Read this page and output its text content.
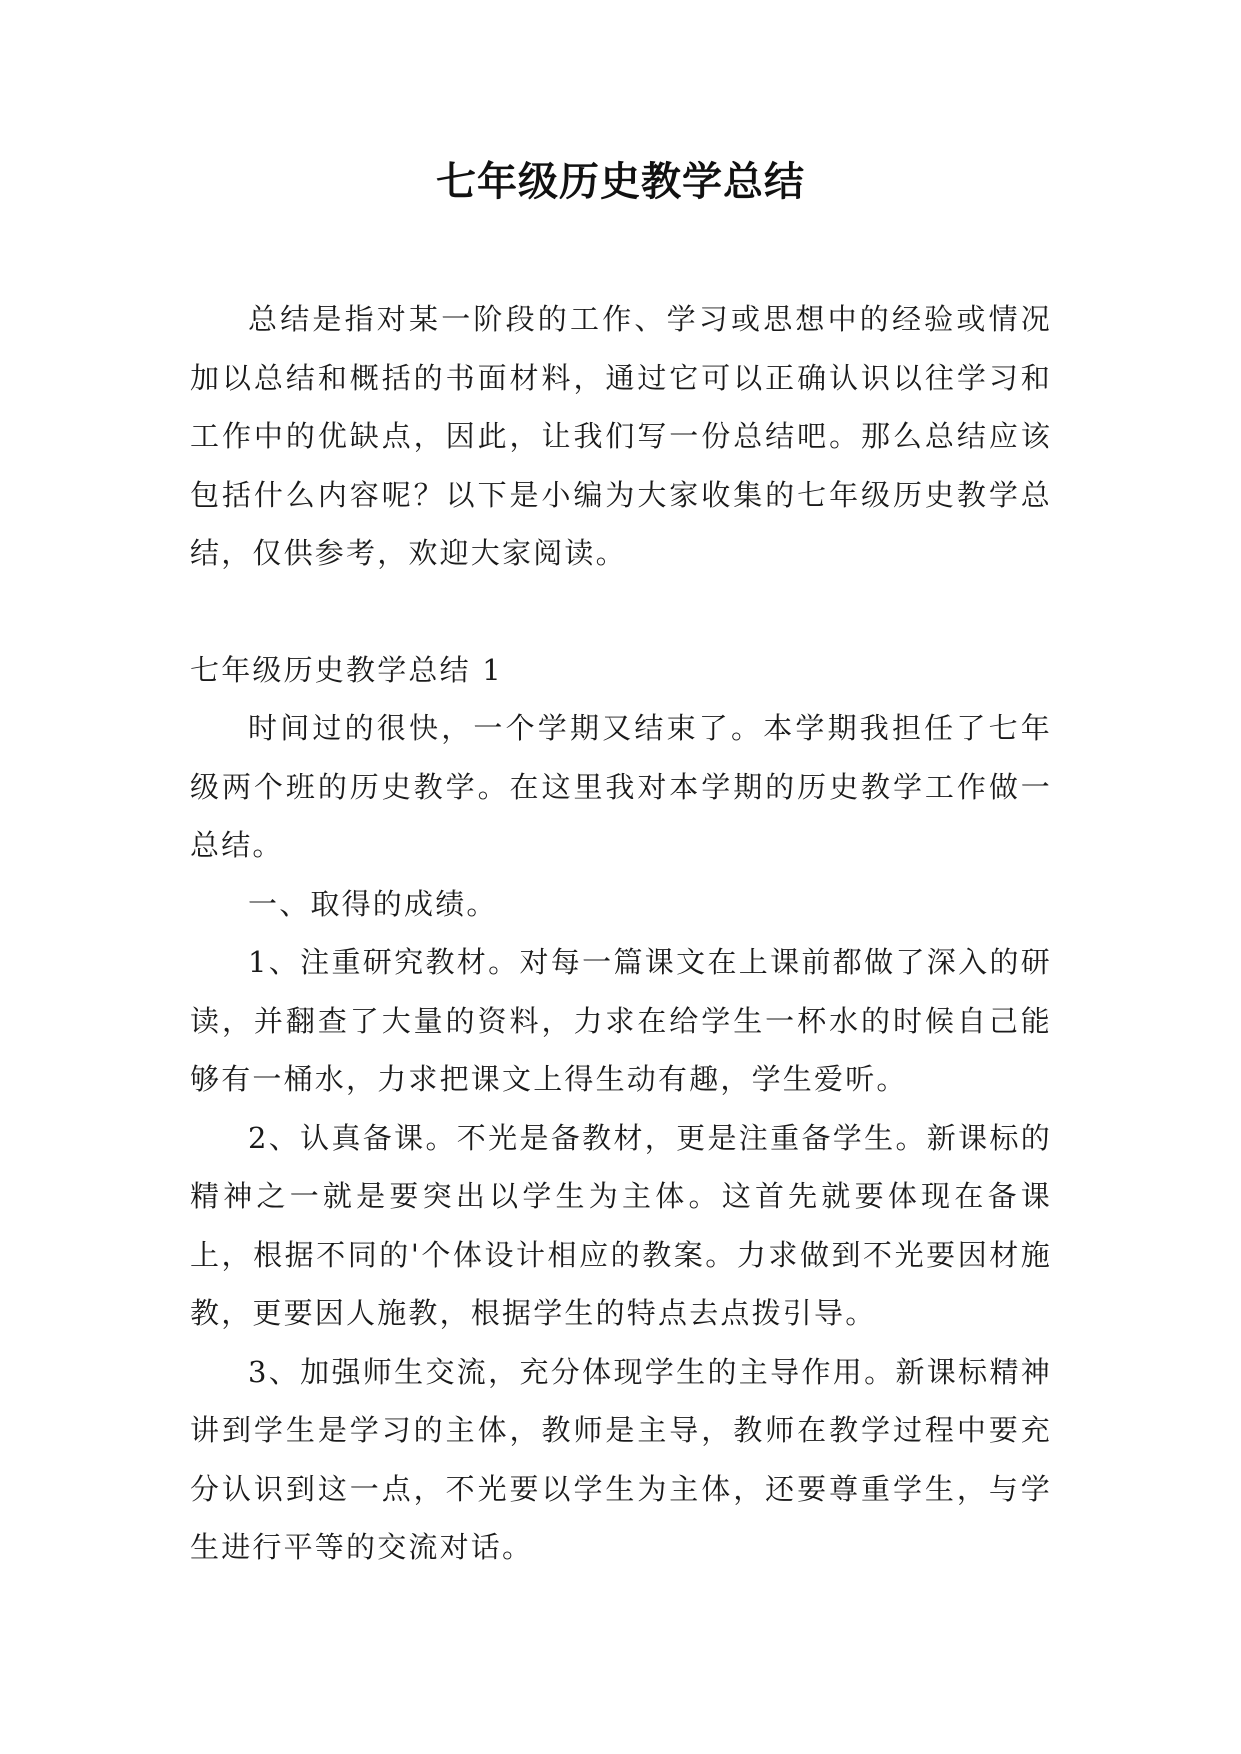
七年级历史教学总结

总结是指对某一阶段的工作、学习或思想中的经验或情况加以总结和概括的书面材料，通过它可以正确认识以往学习和工作中的优缺点，因此，让我们写一份总结吧。那么总结应该包括什么内容呢？以下是小编为大家收集的七年级历史教学总结，仅供参考，欢迎大家阅读。

七年级历史教学总结 1

时间过的很快，一个学期又结束了。本学期我担任了七年级两个班的历史教学。在这里我对本学期的历史教学工作做一总结。

一、取得的成绩。

1、注重研究教材。对每一篇课文在上课前都做了深入的研读，并翻查了大量的资料，力求在给学生一杯水的时候自己能够有一桶水，力求把课文上得生动有趣，学生爱听。

2、认真备课。不光是备教材，更是注重备学生。新课标的精神之一就是要突出以学生为主体。这首先就要体现在备课上，根据不同的'个体设计相应的教案。力求做到不光要因材施教，更要因人施教，根据学生的特点去点拨引导。

3、加强师生交流，充分体现学生的主导作用。新课标精神讲到学生是学习的主体，教师是主导，教师在教学过程中要充分认识到这一点，不光要以学生为主体，还要尊重学生，与学生进行平等的交流对话。
